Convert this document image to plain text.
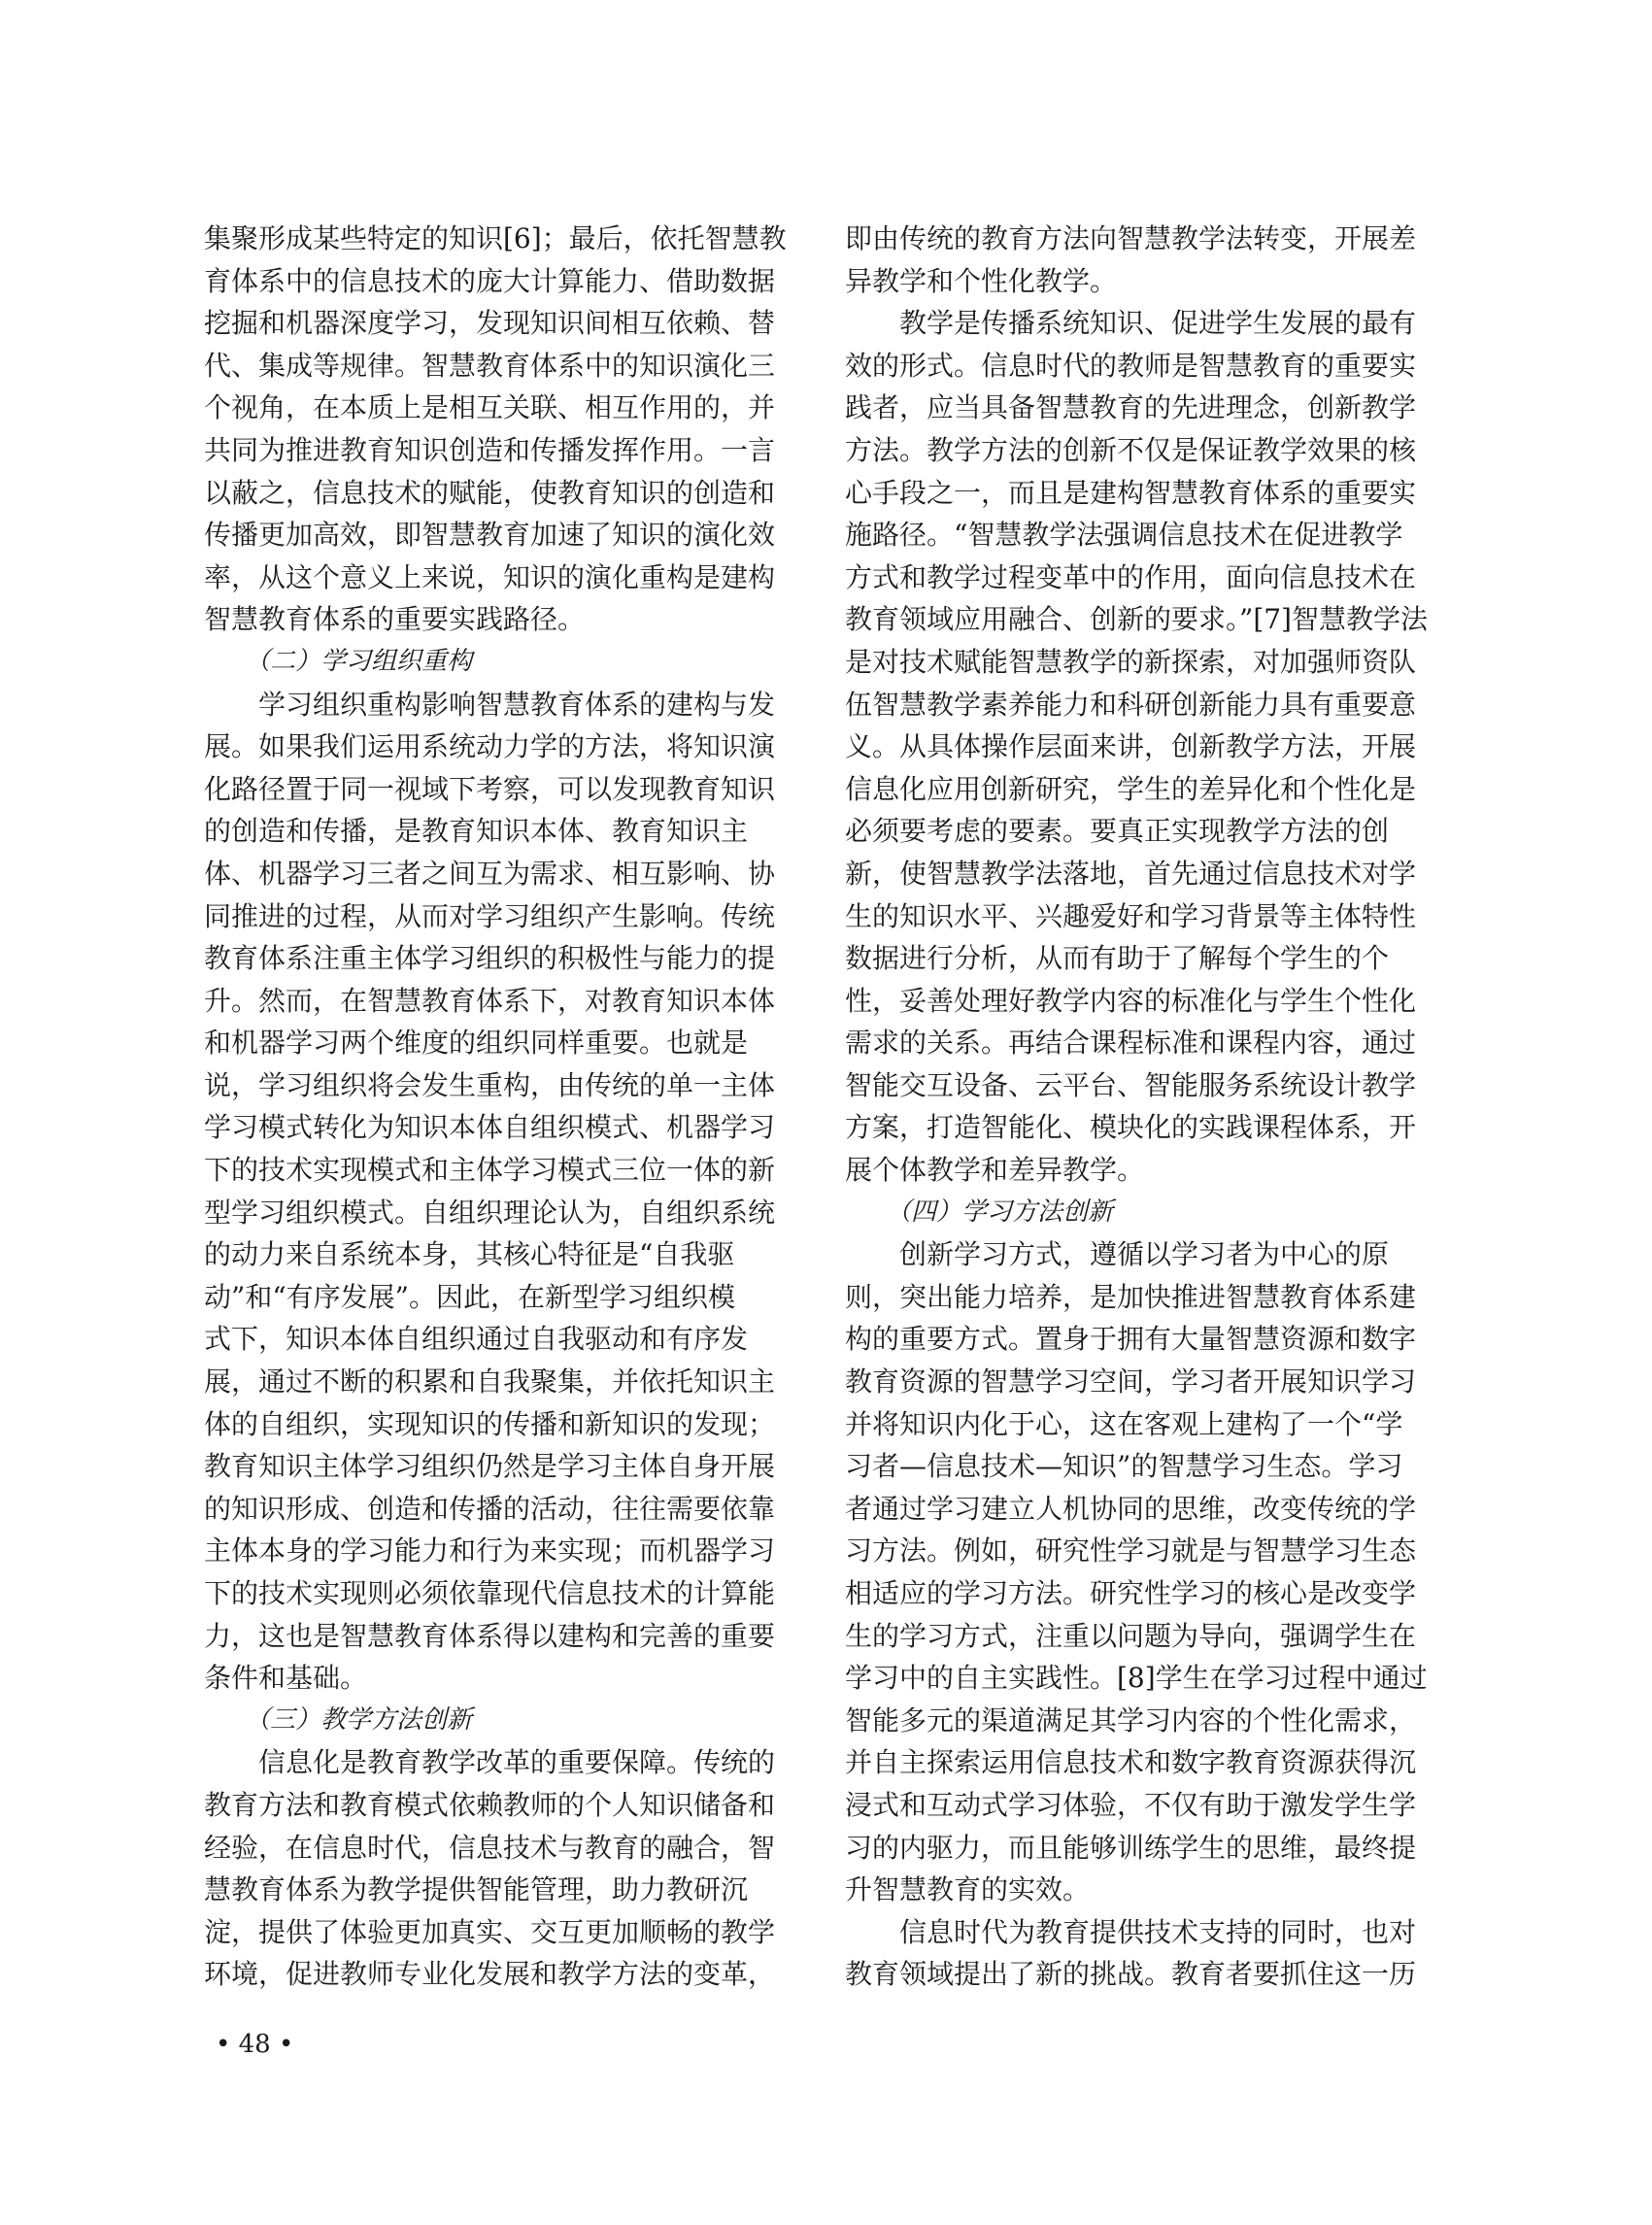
集聚形成某些特定的知识[6]；最后，依托智慧教
育体系中的信息技术的庞大计算能力、借助数据
挖掘和机器深度学习，发现知识间相互依赖、替
代、集成等规律。智慧教育体系中的知识演化三
个视角，在本质上是相互关联、相互作用的，并
共同为推进教育知识创造和传播发挥作用。一言
以蔽之，信息技术的赋能，使教育知识的创造和
传播更加高效，即智慧教育加速了知识的演化效
率，从这个意义上来说，知识的演化重构是建构
智慧教育体系的重要实践路径。
（二）学习组织重构
学习组织重构影响智慧教育体系的建构与发
展。如果我们运用系统动力学的方法，将知识演
化路径置于同一视域下考察，可以发现教育知识
的创造和传播，是教育知识本体、教育知识主
体、机器学习三者之间互为需求、相互影响、协
同推进的过程，从而对学习组织产生影响。传统
教育体系注重主体学习组织的积极性与能力的提
升。然而，在智慧教育体系下，对教育知识本体
和机器学习两个维度的组织同样重要。也就是
说，学习组织将会发生重构，由传统的单一主体
学习模式转化为知识本体自组织模式、机器学习
下的技术实现模式和主体学习模式三位一体的新
型学习组织模式。自组织理论认为，自组织系统
的动力来自系统本身，其核心特征是“自我驱
动”和“有序发展”。因此，在新型学习组织模
式下，知识本体自组织通过自我驱动和有序发
展，通过不断的积累和自我聚集，并依托知识主
体的自组织，实现知识的传播和新知识的发现；
教育知识主体学习组织仍然是学习主体自身开展
的知识形成、创造和传播的活动，往往需要依靠
主体本身的学习能力和行为来实现；而机器学习
下的技术实现则必须依靠现代信息技术的计算能
力，这也是智慧教育体系得以建构和完善的重要
条件和基础。
（三）教学方法创新
信息化是教育教学改革的重要保障。传统的
教育方法和教育模式依赖教师的个人知识储备和
经验，在信息时代，信息技术与教育的融合，智
慧教育体系为教学提供智能管理，助力教研沉
淀，提供了体验更加真实、交互更加顺畅的教学
环境，促进教师专业化发展和教学方法的变革，
即由传统的教育方法向智慧教学法转变，开展差
异教学和个性化教学。
教学是传播系统知识、促进学生发展的最有
效的形式。信息时代的教师是智慧教育的重要实
践者，应当具备智慧教育的先进理念，创新教学
方法。教学方法的创新不仅是保证教学效果的核
心手段之一，而且是建构智慧教育体系的重要实
施路径。“智慧教学法强调信息技术在促进教学
方式和教学过程变革中的作用，面向信息技术在
教育领域应用融合、创新的要求。”[7]智慧教学法
是对技术赋能智慧教学的新探索，对加强师资队
伍智慧教学素养能力和科研创新能力具有重要意
义。从具体操作层面来讲，创新教学方法，开展
信息化应用创新研究，学生的差异化和个性化是
必须要考虑的要素。要真正实现教学方法的创
新，使智慧教学法落地，首先通过信息技术对学
生的知识水平、兴趣爱好和学习背景等主体特性
数据进行分析，从而有助于了解每个学生的个
性，妥善处理好教学内容的标准化与学生个性化
需求的关系。再结合课程标准和课程内容，通过
智能交互设备、云平台、智能服务系统设计教学
方案，打造智能化、模块化的实践课程体系，开
展个体教学和差异教学。
（四）学习方法创新
创新学习方式，遵循以学习者为中心的原
则，突出能力培养，是加快推进智慧教育体系建
构的重要方式。置身于拥有大量智慧资源和数字
教育资源的智慧学习空间，学习者开展知识学习
并将知识内化于心，这在客观上建构了一个“学
习者—信息技术—知识”的智慧学习生态。学习
者通过学习建立人机协同的思维，改变传统的学
习方法。例如，研究性学习就是与智慧学习生态
相适应的学习方法。研究性学习的核心是改变学
生的学习方式，注重以问题为导向，强调学生在
学习中的自主实践性。[8]学生在学习过程中通过
智能多元的渠道满足其学习内容的个性化需求，
并自主探索运用信息技术和数字教育资源获得沉
浸式和互动式学习体验，不仅有助于激发学生学
习的内驱力，而且能够训练学生的思维，最终提
升智慧教育的实效。
信息时代为教育提供技术支持的同时，也对
教育领域提出了新的挑战。教育者要抓住这一历
• 48 •
